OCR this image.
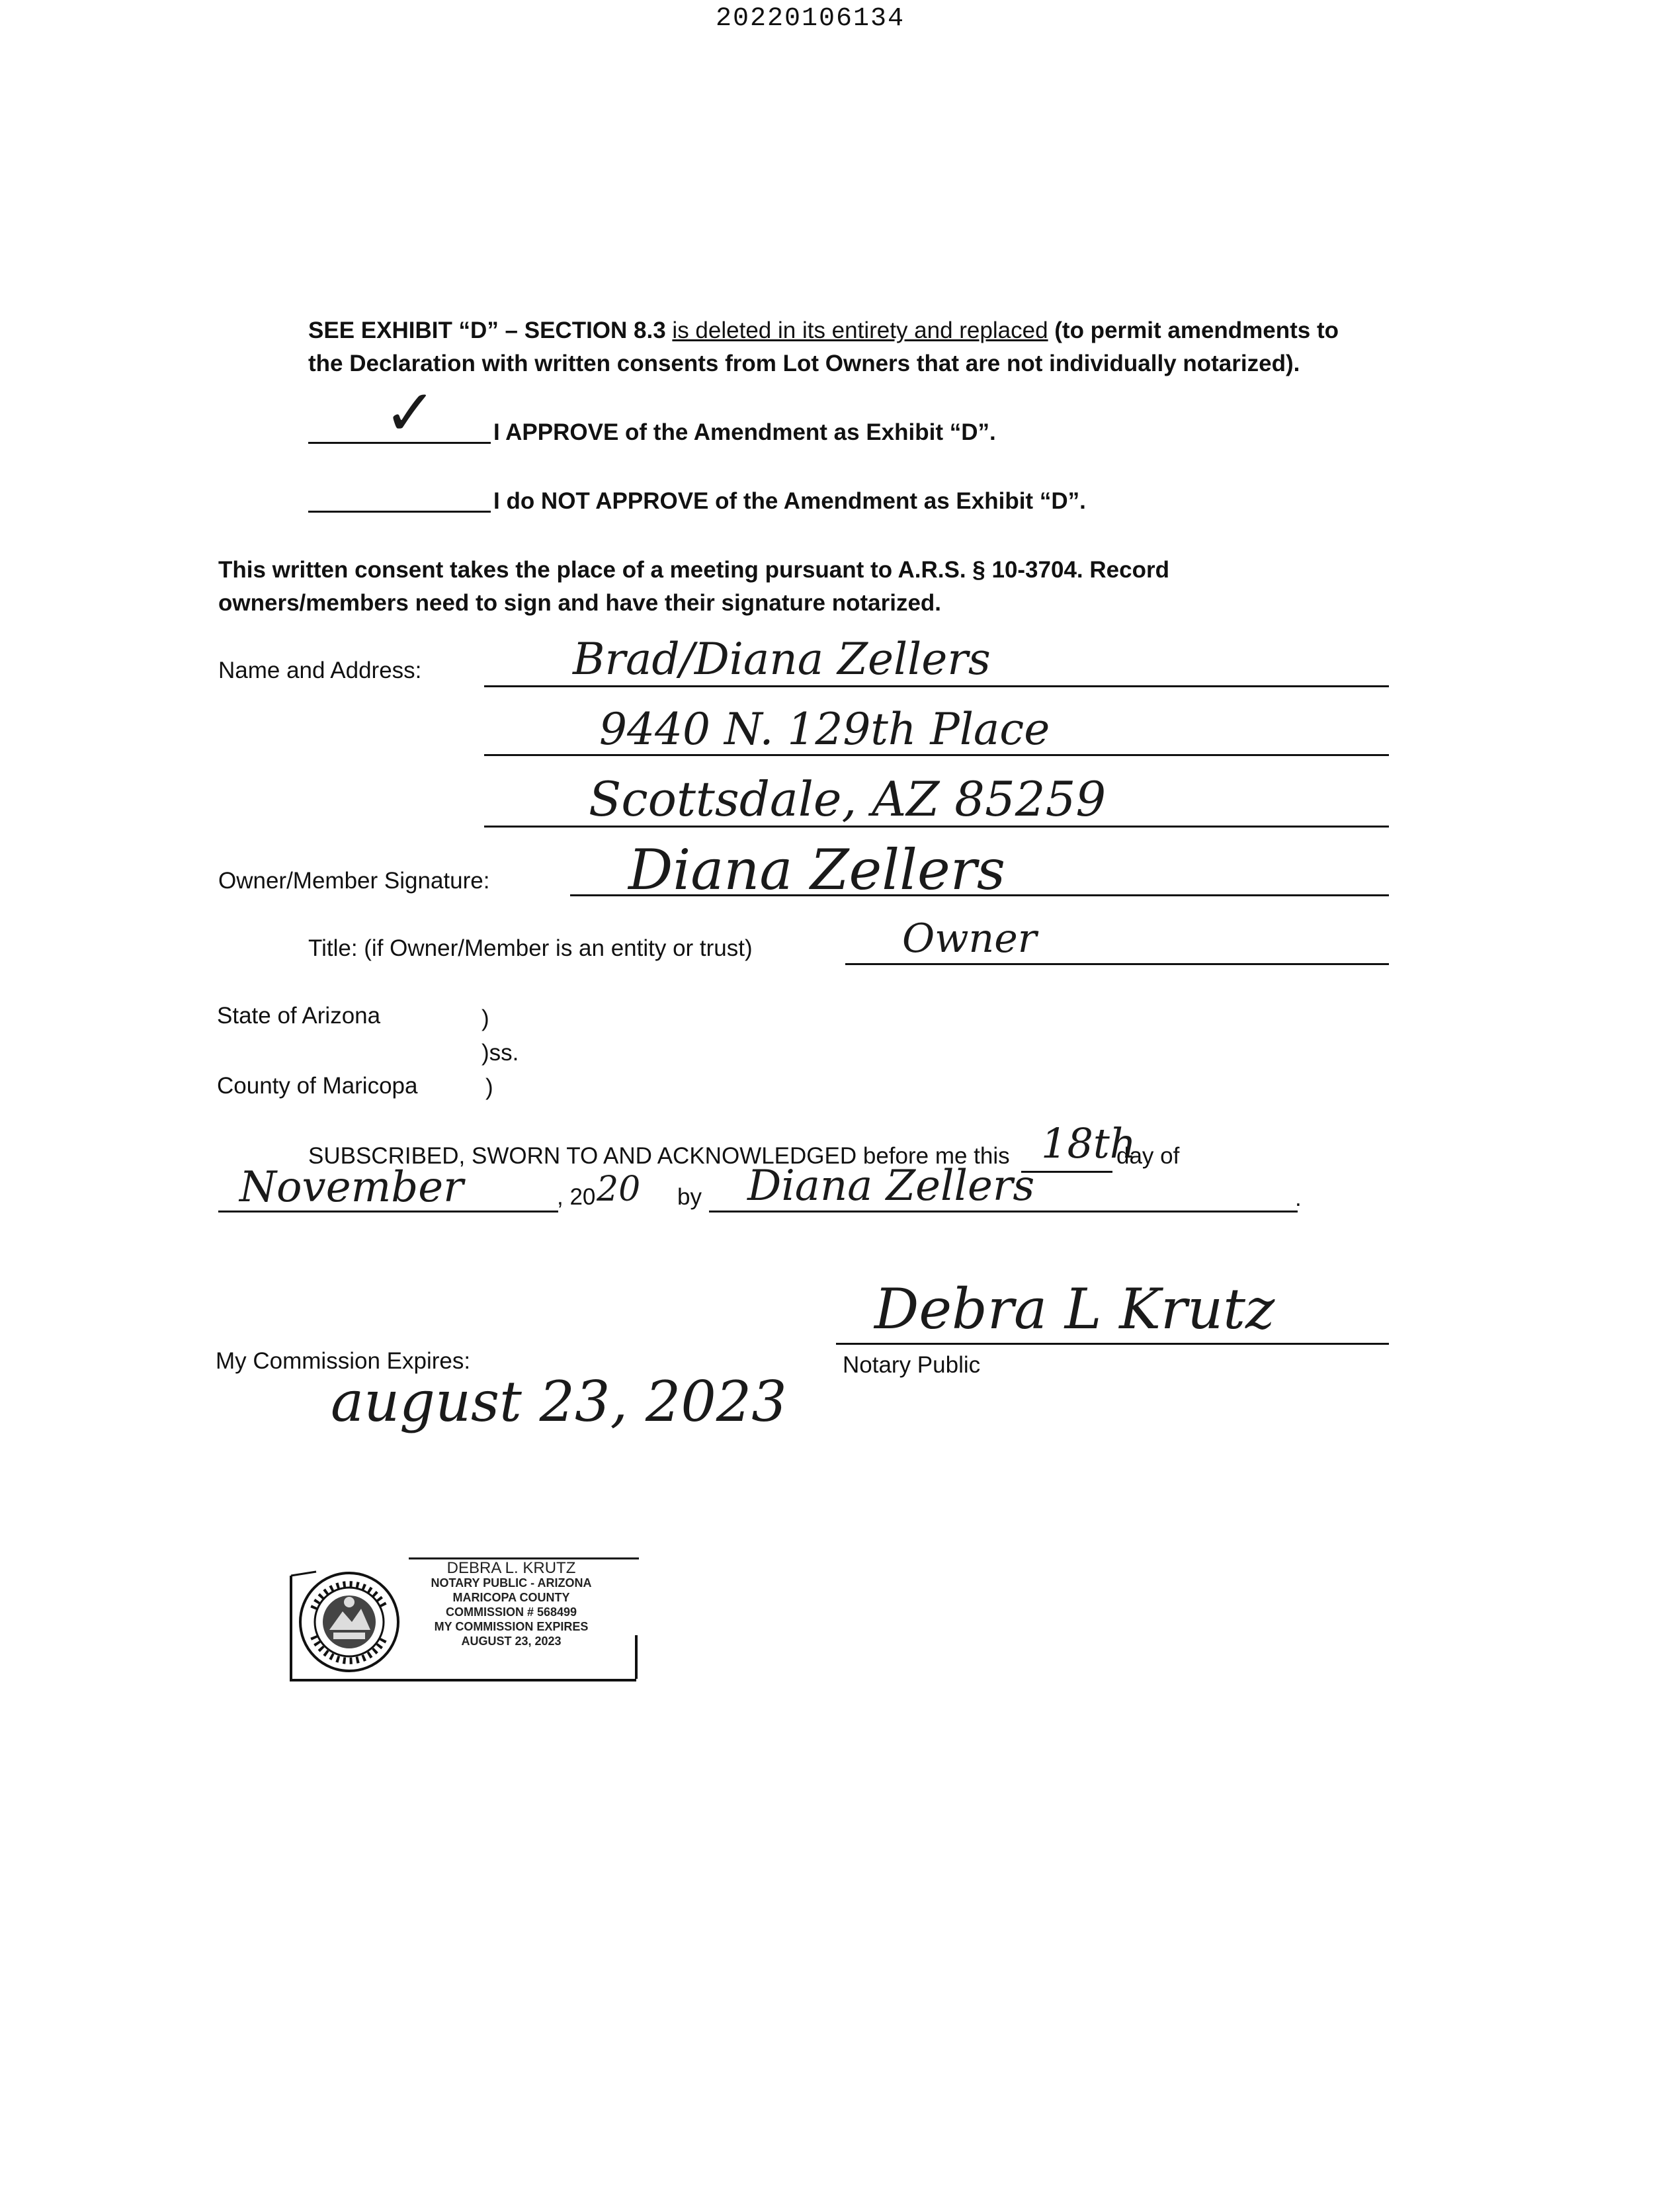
20220106134
SEE EXHIBIT “D” – SECTION 8.3 is deleted in its entirety and replaced (to permit amendments to
the Declaration with written consents from Lot Owners that are not individually notarized).
✓ I APPROVE of the Amendment as Exhibit “D”.
I do NOT APPROVE of the Amendment as Exhibit “D”.
This written consent takes the place of a meeting pursuant to A.R.S. § 10-3704. Record
owners/members need to sign and have their signature notarized.
Name and Address:	Brad/Diana Zellers
9440 N. 129th Place
Scottsdale, AZ 85259
Owner/Member Signature: Diana Zellers
Title: (if Owner/Member is an entity or trust)	Owner
State of Arizona	)
)ss.
County of Maricopa	)
SUBSCRIBED, SWORN TO AND ACKNOWLEDGED before me this 18th
day of
November	, 20 20 by Diana Zellers	.
Debra L Krutz
Notary Public
My Commission Expires:
august 23, 2023
DEBRA L. KRUTZ
NOTARY PUBLIC - ARIZONA
MARICOPA COUNTY
COMMISSION # 568499
MY COMMISSION EXPIRES
AUGUST 23, 2023
